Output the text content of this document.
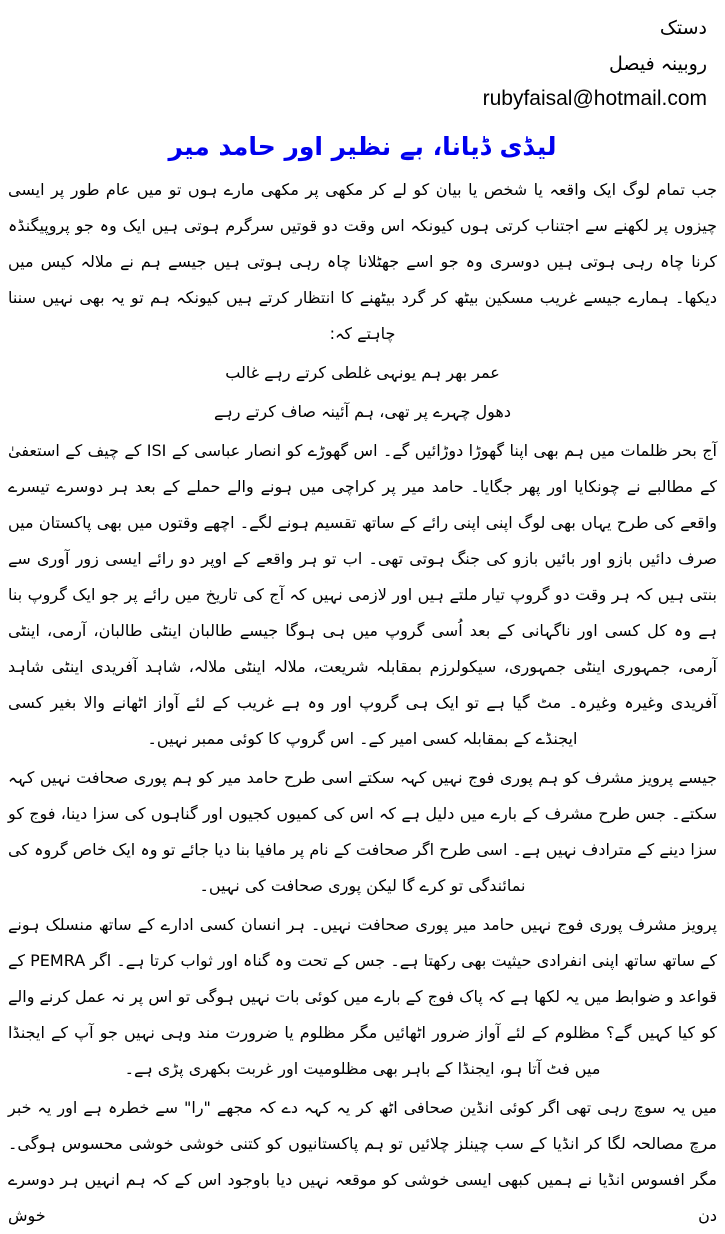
دستک
روبینہ فیصل
rubyfaisal@hotmail.com
لیڈی ڈیانا، بے نظیر اور حامد میر

جب تمام لوگ ایک واقعہ یا شخص یا بیان کو لے کر مکھی پر مکھی مارے ہوں تو میں عام طور پر ایسی چیزوں پر لکھنے سے اجتناب کرتی ہوں کیونکہ اس وقت دو قوتیں سرگرم ہوتی ہیں ایک وہ جو پروپیگنڈہ کرنا چاہ رہی ہوتی ہیں دوسری وہ جو اسے جھٹلانا چاہ رہی ہوتی ہیں جیسے ہم نے ملالہ کیس میں دیکھا۔ ہمارے جیسے غریب مسکین بیٹھ کر گرد بیٹھنے کا انتظار کرتے ہیں کیونکہ ہم تو یہ بھی نہیں سننا چاہتے کہ:

عمر بھر ہم یونہی غلطی کرتے رہے غالب

دھول چہرے پر تھی، ہم آئینہ صاف کرتے رہے

آج بحر ظلمات میں ہم بھی اپنا گھوڑا دوڑائیں گے۔ اس گھوڑے کو انصار عباسی کے ISI کے چیف کے استعفیٰ کے مطالبے نے چونکایا اور پھر جگایا۔ حامد میر پر کراچی میں ہونے والے حملے کے بعد ہر دوسرے تیسرے واقعے کی طرح یہاں بھی لوگ اپنی اپنی رائے کے ساتھ تقسیم ہونے لگے۔ اچھے وقتوں میں بھی پاکستان میں صرف دائیں بازو اور بائیں بازو کی جنگ ہوتی تھی۔ اب تو ہر واقعے کے اوپر دو رائے ایسی زور آوری سے بنتی ہیں کہ ہر وقت دو گروپ تیار ملتے ہیں اور لازمی نہیں کہ آج کی تاریخ میں رائے پر جو ایک گروپ بنا ہے وہ کل کسی اور ناگہانی کے بعد اُسی گروپ میں ہی ہوگا جیسے طالبان اینٹی طالبان، آرمی، اینٹی آرمی، جمہوری اینٹی جمہوری، سیکولرزم بمقابلہ شریعت، ملالہ اینٹی ملالہ، شاہد آفریدی اینٹی شاہد آفریدی وغیرہ وغیرہ۔ مٹ گیا ہے تو ایک ہی گروپ اور وہ ہے غریب کے لئے آواز اٹھانے والا بغیر کسی ایجنڈے کے بمقابلہ کسی امیر کے۔ اس گروپ کا کوئی ممبر نہیں۔

جیسے پرویز مشرف کو ہم پوری فوج نہیں کہہ سکتے اسی طرح حامد میر کو ہم پوری صحافت نہیں کہہ سکتے۔ جس طرح مشرف کے بارے میں دلیل ہے کہ اس کی کمیوں کجیوں اور گناہوں کی سزا دینا، فوج کو سزا دینے کے مترادف نہیں ہے۔ اسی طرح اگر صحافت کے نام پر مافیا بنا دیا جائے تو وہ ایک خاص گروہ کی نمائندگی تو کرے گا لیکن پوری صحافت کی نہیں۔

پرویز مشرف پوری فوج نہیں حامد میر پوری صحافت نہیں۔ ہر انسان کسی ادارے کے ساتھ منسلک ہونے کے ساتھ ساتھ اپنی انفرادی حیثیت بھی رکھتا ہے۔ جس کے تحت وہ گناہ اور ثواب کرتا ہے۔ اگر PEMRA کے قواعد و ضوابط میں یہ لکھا ہے کہ پاک فوج کے بارے میں کوئی بات نہیں ہوگی تو اس پر نہ عمل کرنے والے کو کیا کہیں گے؟ مظلوم کے لئے آواز ضرور اٹھائیں مگر مظلوم یا ضرورت مند وہی نہیں جو آپ کے ایجنڈا میں فٹ آتا ہو، ایجنڈا کے باہر بھی مظلومیت اور غربت بکھری پڑی ہے۔

میں یہ سوچ رہی تھی اگر کوئی انڈین صحافی اٹھ کر یہ کہہ دے کہ مجھے "را" سے خطرہ ہے اور یہ خبر مرچ مصالحہ لگا کر انڈیا کے سب چینلز چلائیں تو ہم پاکستانیوں کو کتنی خوشی خوشی محسوس ہوگی۔ مگر افسوس انڈیا نے ہمیں کبھی ایسی خوشی کو موقعہ نہیں دیا باوجود اس کے کہ ہم انہیں ہر دوسرے دن خوش
